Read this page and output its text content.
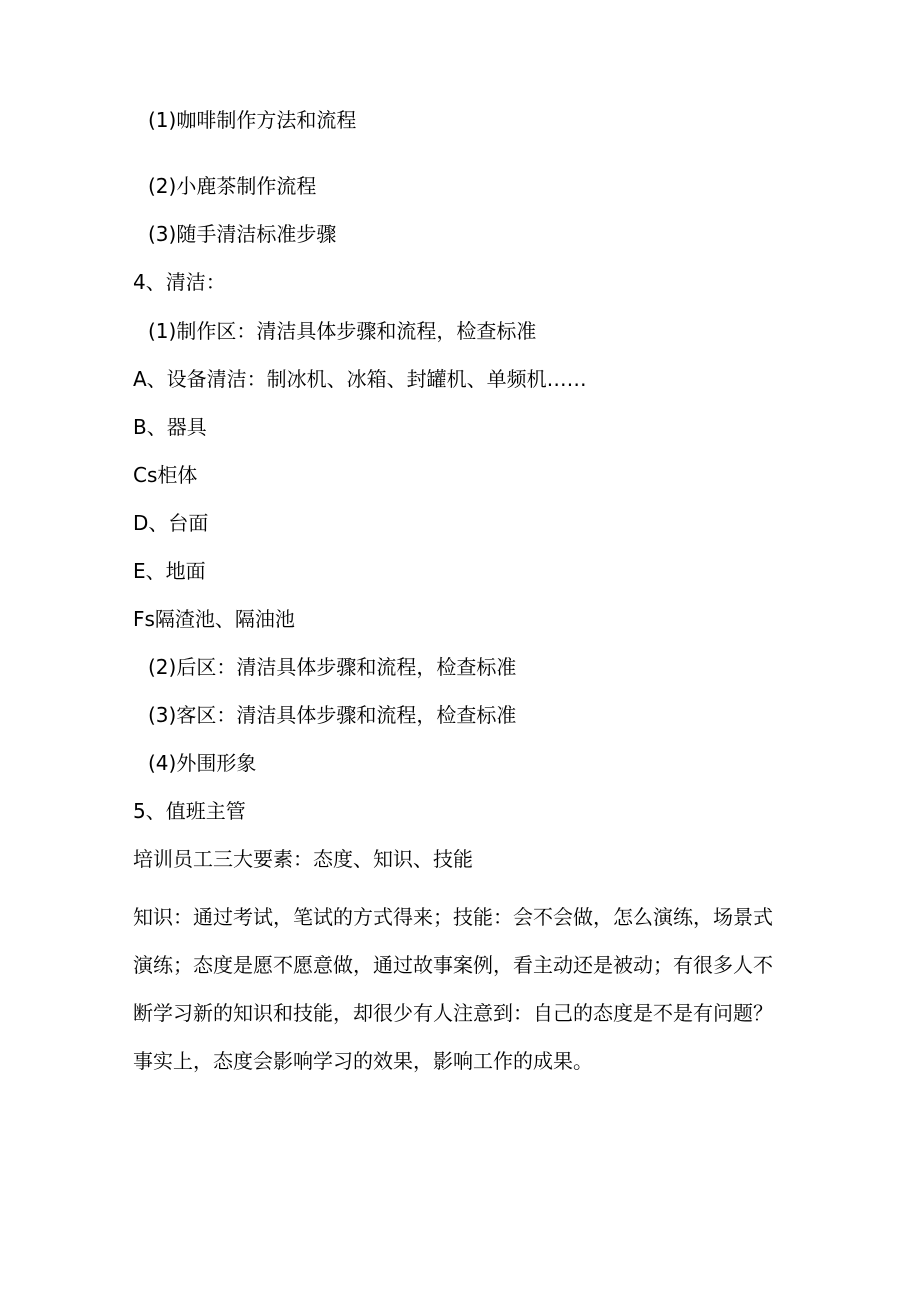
(1)咖啡制作方法和流程
(2)小鹿茶制作流程
(3)随手清洁标准步骤
4、清洁：
(1)制作区：清洁具体步骤和流程，检查标准
A、设备清洁：制冰机、冰箱、封罐机、单频机……
B、器具
Cs柜体
D、台面
E、地面
Fs隔渣池、隔油池
(2)后区：清洁具体步骤和流程，检查标准
(3)客区：清洁具体步骤和流程，检查标准
(4)外围形象
5、值班主管
培训员工三大要素：态度、知识、技能
知识：通过考试，笔试的方式得来；技能：会不会做，怎么演练，场景式
演练；态度是愿不愿意做，通过故事案例，看主动还是被动；有很多人不
断学习新的知识和技能，却很少有人注意到：自己的态度是不是有问题？
事实上，态度会影响学习的效果，影响工作的成果。
